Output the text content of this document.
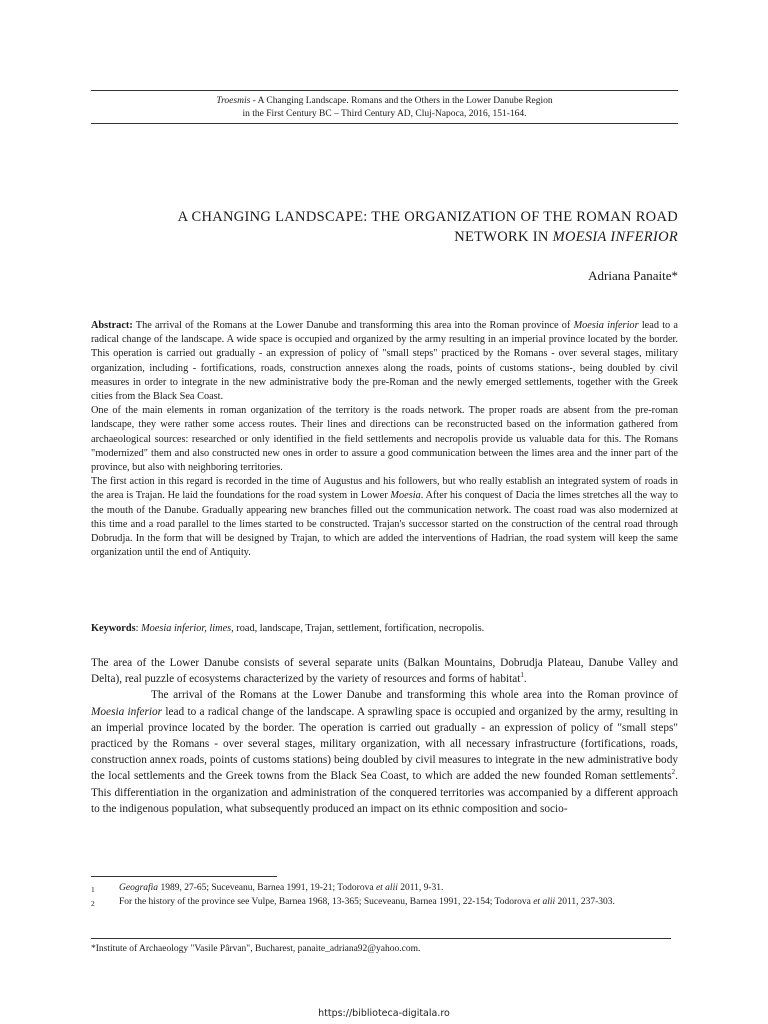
Troesmis - A Changing Landscape. Romans and the Others in the Lower Danube Region
in the First Century BC – Third Century AD, Cluj-Napoca, 2016, 151-164.
A CHANGING LANDSCAPE: THE ORGANIZATION OF THE ROMAN ROAD
NETWORK IN MOESIA INFERIOR
Adriana Panaite*

Abstract: The arrival of the Romans at the Lower Danube and transforming this area into the Roman province of Moesia inferior lead to a radical change of the landscape. A wide space is occupied and organized by the army resulting in an imperial province located by the border. This operation is carried out gradually - an expression of policy of "small steps" practiced by the Romans - over several stages, military organization, including - fortifications, roads, construction annexes along the roads, points of customs stations-, being doubled by civil measures in order to integrate in the new administrative body the pre-Roman and the newly emerged settlements, together with the Greek cities from the Black Sea Coast.

One of the main elements in roman organization of the territory is the roads network. The proper roads are absent from the pre-roman landscape, they were rather some access routes. Their lines and directions can be reconstructed based on the information gathered from archaeological sources: researched or only identified in the field settlements and necropolis provide us valuable data for this. The Romans "modernized" them and also constructed new ones in order to assure a good communication between the limes area and the inner part of the province, but also with neighboring territories.

The first action in this regard is recorded in the time of Augustus and his followers, but who really establish an integrated system of roads in the area is Trajan. He laid the foundations for the road system in Lower Moesia. After his conquest of Dacia the limes stretches all the way to the mouth of the Danube. Gradually appearing new branches filled out the communication network. The coast road was also modernized at this time and a road parallel to the limes started to be constructed. Trajan's successor started on the construction of the central road through Dobrudja. In the form that will be designed by Trajan, to which are added the interventions of Hadrian, the road system will keep the same organization until the end of Antiquity.

Keywords: Moesia inferior, limes, road, landscape, Trajan, settlement, fortification, necropolis.

The area of the Lower Danube consists of several separate units (Balkan Mountains, Dobrudja Plateau, Danube Valley and Delta), real puzzle of ecosystems characterized by the variety of resources and forms of habitat$^1$.

The arrival of the Romans at the Lower Danube and transforming this whole area into the Roman province of Moesia inferior lead to a radical change of the landscape. A sprawling space is occupied and organized by the army, resulting in an imperial province located by the border. The operation is carried out gradually - an expression of policy of "small steps" practiced by the Romans - over several stages, military organization, with all necessary infrastructure (fortifications, roads, construction annex roads, points of customs stations) being doubled by civil measures to integrate in the new administrative body the local settlements and the Greek towns from the Black Sea Coast, to which are added the new founded Roman settlements$^2$. This differentiation in the organization and administration of the conquered territories was accompanied by a different approach to the indigenous population, what subsequently produced an impact on its ethnic composition and socio-

1	Geografia 1989, 27-65; Suceveanu, Barnea 1991, 19-21; Todorova et alii 2011, 9-31.
2	For the history of the province see Vulpe, Barnea 1968, 13-365; Suceveanu, Barnea 1991, 22-154; Todorova et alii 2011, 237-303.
*Institute of Archaeology "Vasile Pârvan", Bucharest, panaite_adriana92@yahoo.com.
https://biblioteca-digitala.ro
